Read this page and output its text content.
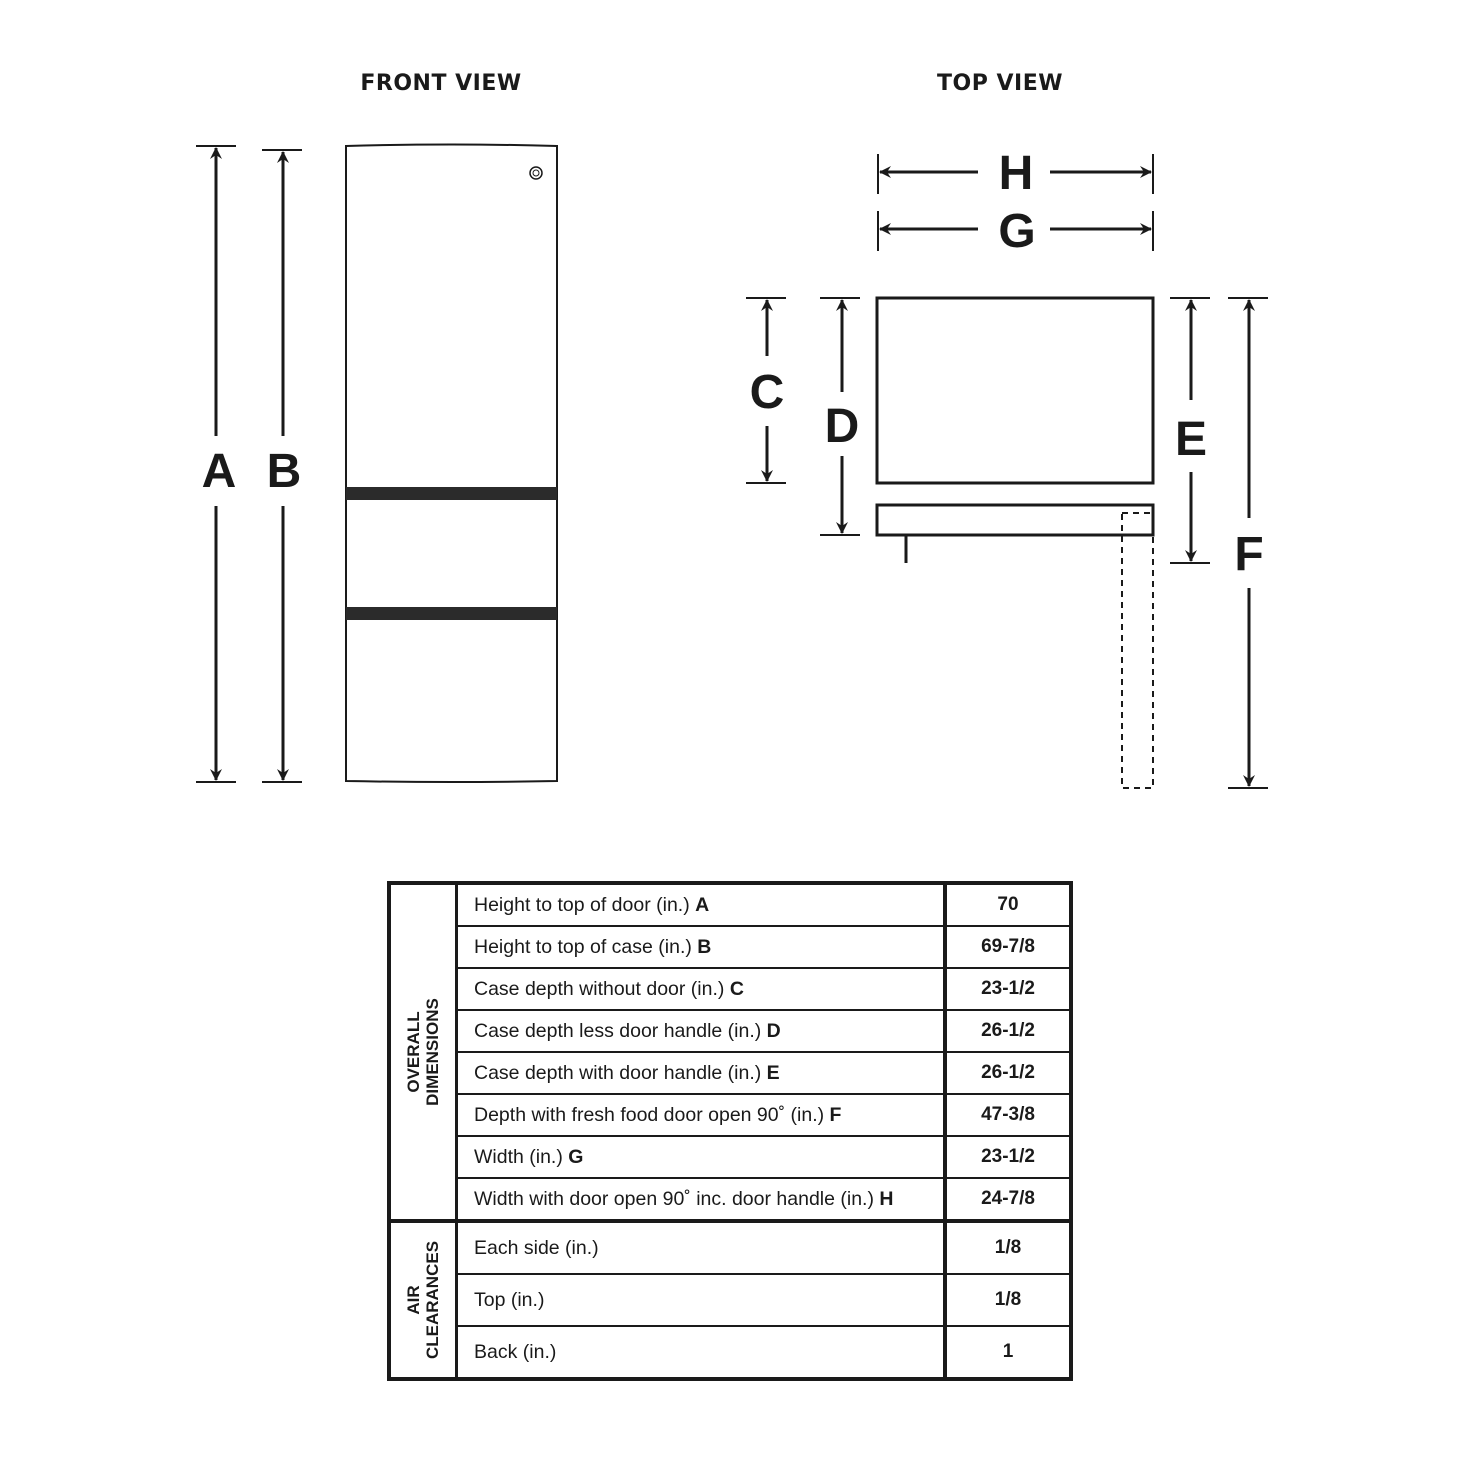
FRONT VIEW	TOP VIEW
A B
H
G
C
D	E
F
OVERALL DIMENSIONS	Height to top of door (in.) A	70
	Height to top of case (in.) B	69-7/8
	Case depth without door (in.) C	23-1/2
	Case depth less door handle (in.) D	26-1/2
	Case depth with door handle (in.) E	26-1/2
	Depth with fresh food door open 90˚ (in.) F	47-3/8
	Width (in.) G	23-1/2
	Width with door open 90˚ inc. door handle (in.) H	24-7/8

AIR CLEARANCES	Each side (in.)	1/8
	Top (in.)	1/8
	Back (in.)	1
